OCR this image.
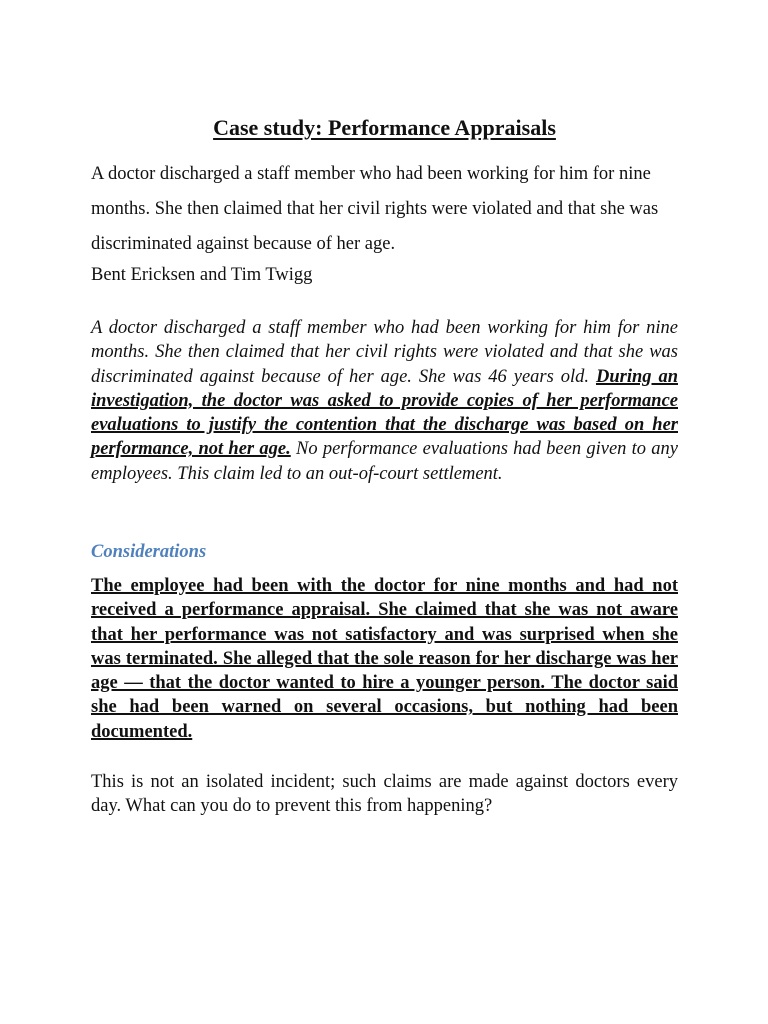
Case study: Performance Appraisals

A doctor discharged a staff member who had been working for him for nine months. She then claimed that her civil rights were violated and that she was discriminated against because of her age.

Bent Ericksen and Tim Twigg

A doctor discharged a staff member who had been working for him for nine months. She then claimed that her civil rights were violated and that she was discriminated against because of her age. She was 46 years old. During an investigation, the doctor was asked to provide copies of her performance evaluations to justify the contention that the discharge was based on her performance, not her age. No performance evaluations had been given to any employees. This claim led to an out-of-court settlement.

Considerations

The employee had been with the doctor for nine months and had not received a performance appraisal. She claimed that she was not aware that her performance was not satisfactory and was surprised when she was terminated. She alleged that the sole reason for her discharge was her age — that the doctor wanted to hire a younger person. The doctor said she had been warned on several occasions, but nothing had been documented.

This is not an isolated incident; such claims are made against doctors every day. What can you do to prevent this from happening?
